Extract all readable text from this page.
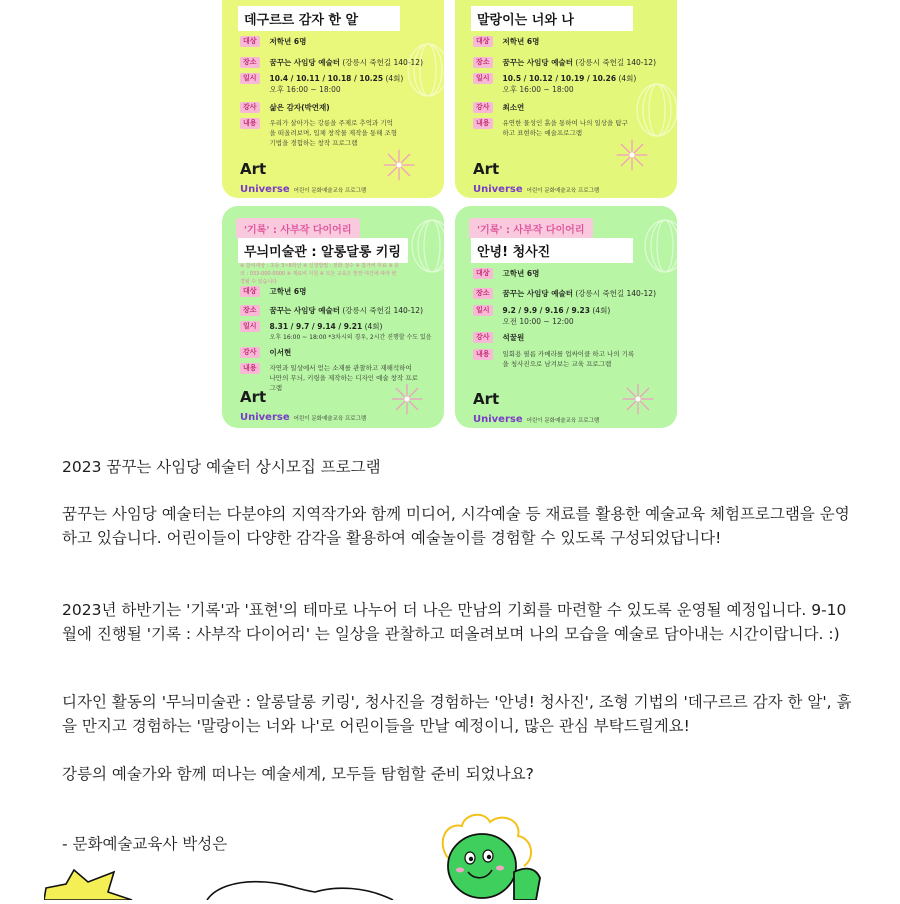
데구르르 감자 한 알
대상	저학년 6명
장소	꿈꾸는 사임당 예술터 (강릉시 죽헌길 140-12)
일시	10.4 / 10.11 / 10.18 / 10.25 (4회)
오후 16:00 ~ 18:00
강사	삶은 감자(박연재)
내용	우리가 살아가는 강릉을 주제로 추억과 기억을 떠올려보며, 입체 창작물 제작을 통해 조형 기법을 경험하는 창작 프로그램
Art
Universe 어린이 문화예술교육 프로그램
말랑이는 너와 나
대상	저학년 6명
장소	꿈꾸는 사임당 예술터 (강릉시 죽헌길 140-12)
일시	10.5 / 10.12 / 10.19 / 10.26 (4회)
오후 16:00 ~ 18:00
강사	최소연
내용	유연한 물성인 흙을 통하여 나의 일상을 탐구하고 표현하는 예술프로그램
Art
Universe 어린이 문화예술교육 프로그램
'기록' : 사부작 다이어리
무늬미술관 : 알롱달롱 키링
※ 참여대상 : 초등 3~6학년 ※ 신청방법 : 전화 접수 ※ 참가비 무료 ※ 문의 : 033-000-0000 ※ 재료비 지원 ※ 모든 교육은 현장 여건에 따라 변경될 수 있습니다
대상	고학년 6명
장소	꿈꾸는 사임당 예술터 (강릉시 죽헌길 140-12)
일시	8.31 / 9.7 / 9.14 / 9.21 (4회)
오후 16:00 ~ 18:00 *3차시의 경우, 2시간 진행할 수도 있음
강사	이서현
내용	자연과 일상에서 얻는 소재를 관찰하고 재해석하여 나만의 무늬, 키링을 제작하는 디자인 예술 창작 프로그램
Art
Universe 어린이 문화예술교육 프로그램
'기록' : 사부작 다이어리
안녕! 청사진
대상	고학년 6명
장소	꿈꾸는 사임당 예술터 (강릉시 죽헌길 140-12)
일시	9.2 / 9.9 / 9.16 / 9.23 (4회)
오전 10:00 ~ 12:00
강사	석꿀원
내용	일회용 필름 카메라를 업싸이클 하고 나의 기록을 청사진으로 남겨보는 교육 프로그램
Art
Universe 어린이 문화예술교육 프로그램

2023 꿈꾸는 사임당 예술터 상시모집 프로그램

꿈꾸는 사임당 예술터는 다분야의 지역작가와 함께 미디어, 시각예술 등 재료를 활용한 예술교육 체험프로그램을 운영하고 있습니다. 어린이들이 다양한 감각을 활용하여 예술놀이를 경험할 수 있도록 구성되었답니다!

2023년 하반기는 '기록'과 '표현'의 테마로 나누어 더 나은 만남의 기회를 마련할 수 있도록 운영될 예정입니다. 9-10월에 진행될 '기록 : 사부작 다이어리' 는 일상을 관찰하고 떠올려보며 나의 모습을 예술로 담아내는 시간이랍니다. :)

디자인 활동의 '무늬미술관 : 알롱달롱 키링', 청사진을 경험하는 '안녕! 청사진', 조형 기법의 '데구르르 감자 한 알', 흙을 만지고 경험하는 '말랑이는 너와 나'로 어린이들을 만날 예정이니, 많은 관심 부탁드릴게요!

강릉의 예술가와 함께 떠나는 예술세계, 모두들 탐험할 준비 되었나요?

- 문화예술교육사 박성은
